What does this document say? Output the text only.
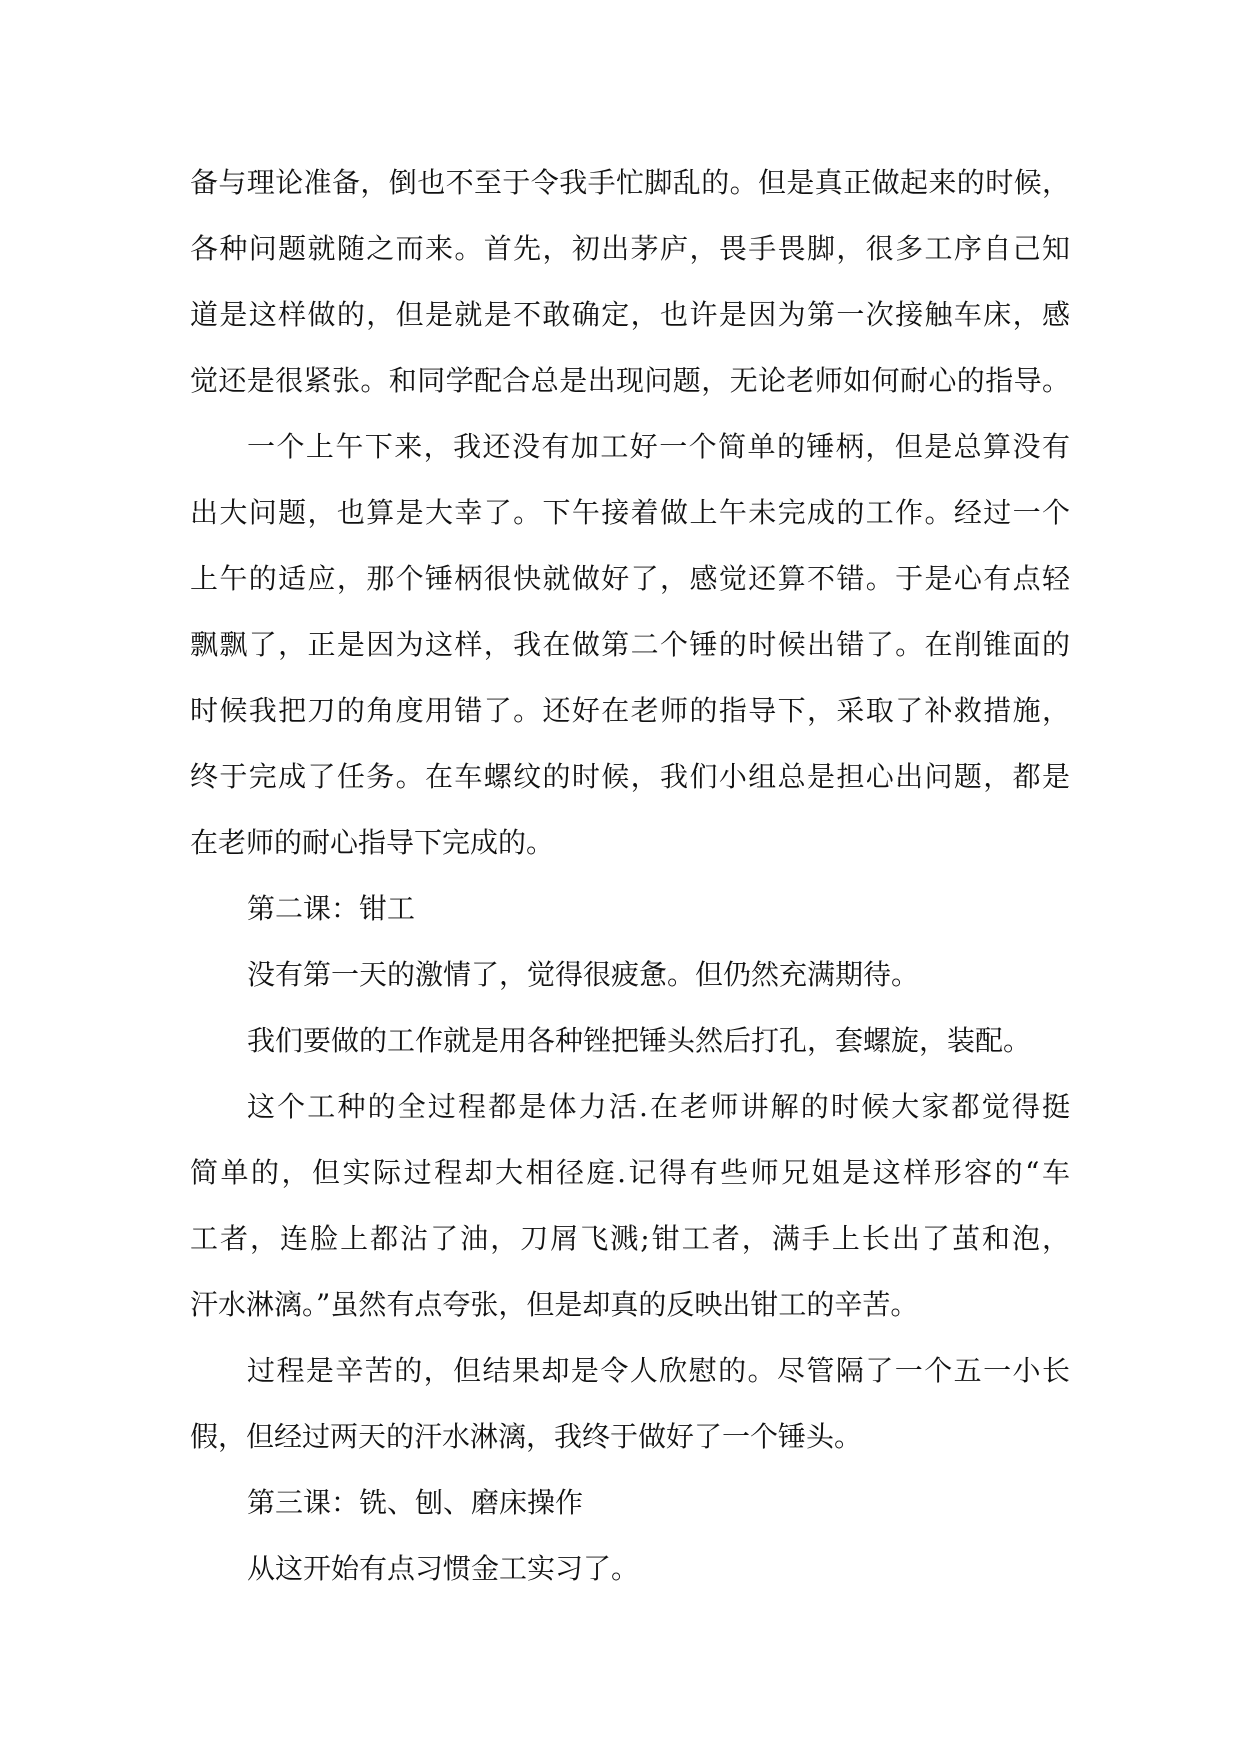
备与理论准备，倒也不至于令我手忙脚乱的。但是真正做起来的时候，
各种问题就随之而来。首先，初出茅庐，畏手畏脚，很多工序自己知
道是这样做的，但是就是不敢确定，也许是因为第一次接触车床，感
觉还是很紧张。和同学配合总是出现问题，无论老师如何耐心的指导。
一个上午下来，我还没有加工好一个简单的锤柄，但是总算没有
出大问题，也算是大幸了。下午接着做上午未完成的工作。经过一个
上午的适应，那个锤柄很快就做好了，感觉还算不错。于是心有点轻
飘飘了，正是因为这样，我在做第二个锤的时候出错了。在削锥面的
时候我把刀的角度用错了。还好在老师的指导下，采取了补救措施，
终于完成了任务。在车螺纹的时候，我们小组总是担心出问题，都是
在老师的耐心指导下完成的。
第二课：钳工
没有第一天的激情了，觉得很疲惫。但仍然充满期待。
我们要做的工作就是用各种锉把锤头然后打孔，套螺旋，装配。
这个工种的全过程都是体力活.在老师讲解的时候大家都觉得挺
简单的，但实际过程却大相径庭.记得有些师兄姐是这样形容的“车
工者，连脸上都沾了油，刀屑飞溅;钳工者，满手上长出了茧和泡，
汗水淋漓。”虽然有点夸张，但是却真的反映出钳工的辛苦。
过程是辛苦的，但结果却是令人欣慰的。尽管隔了一个五一小长
假，但经过两天的汗水淋漓，我终于做好了一个锤头。
第三课：铣、刨、磨床操作
从这开始有点习惯金工实习了。
